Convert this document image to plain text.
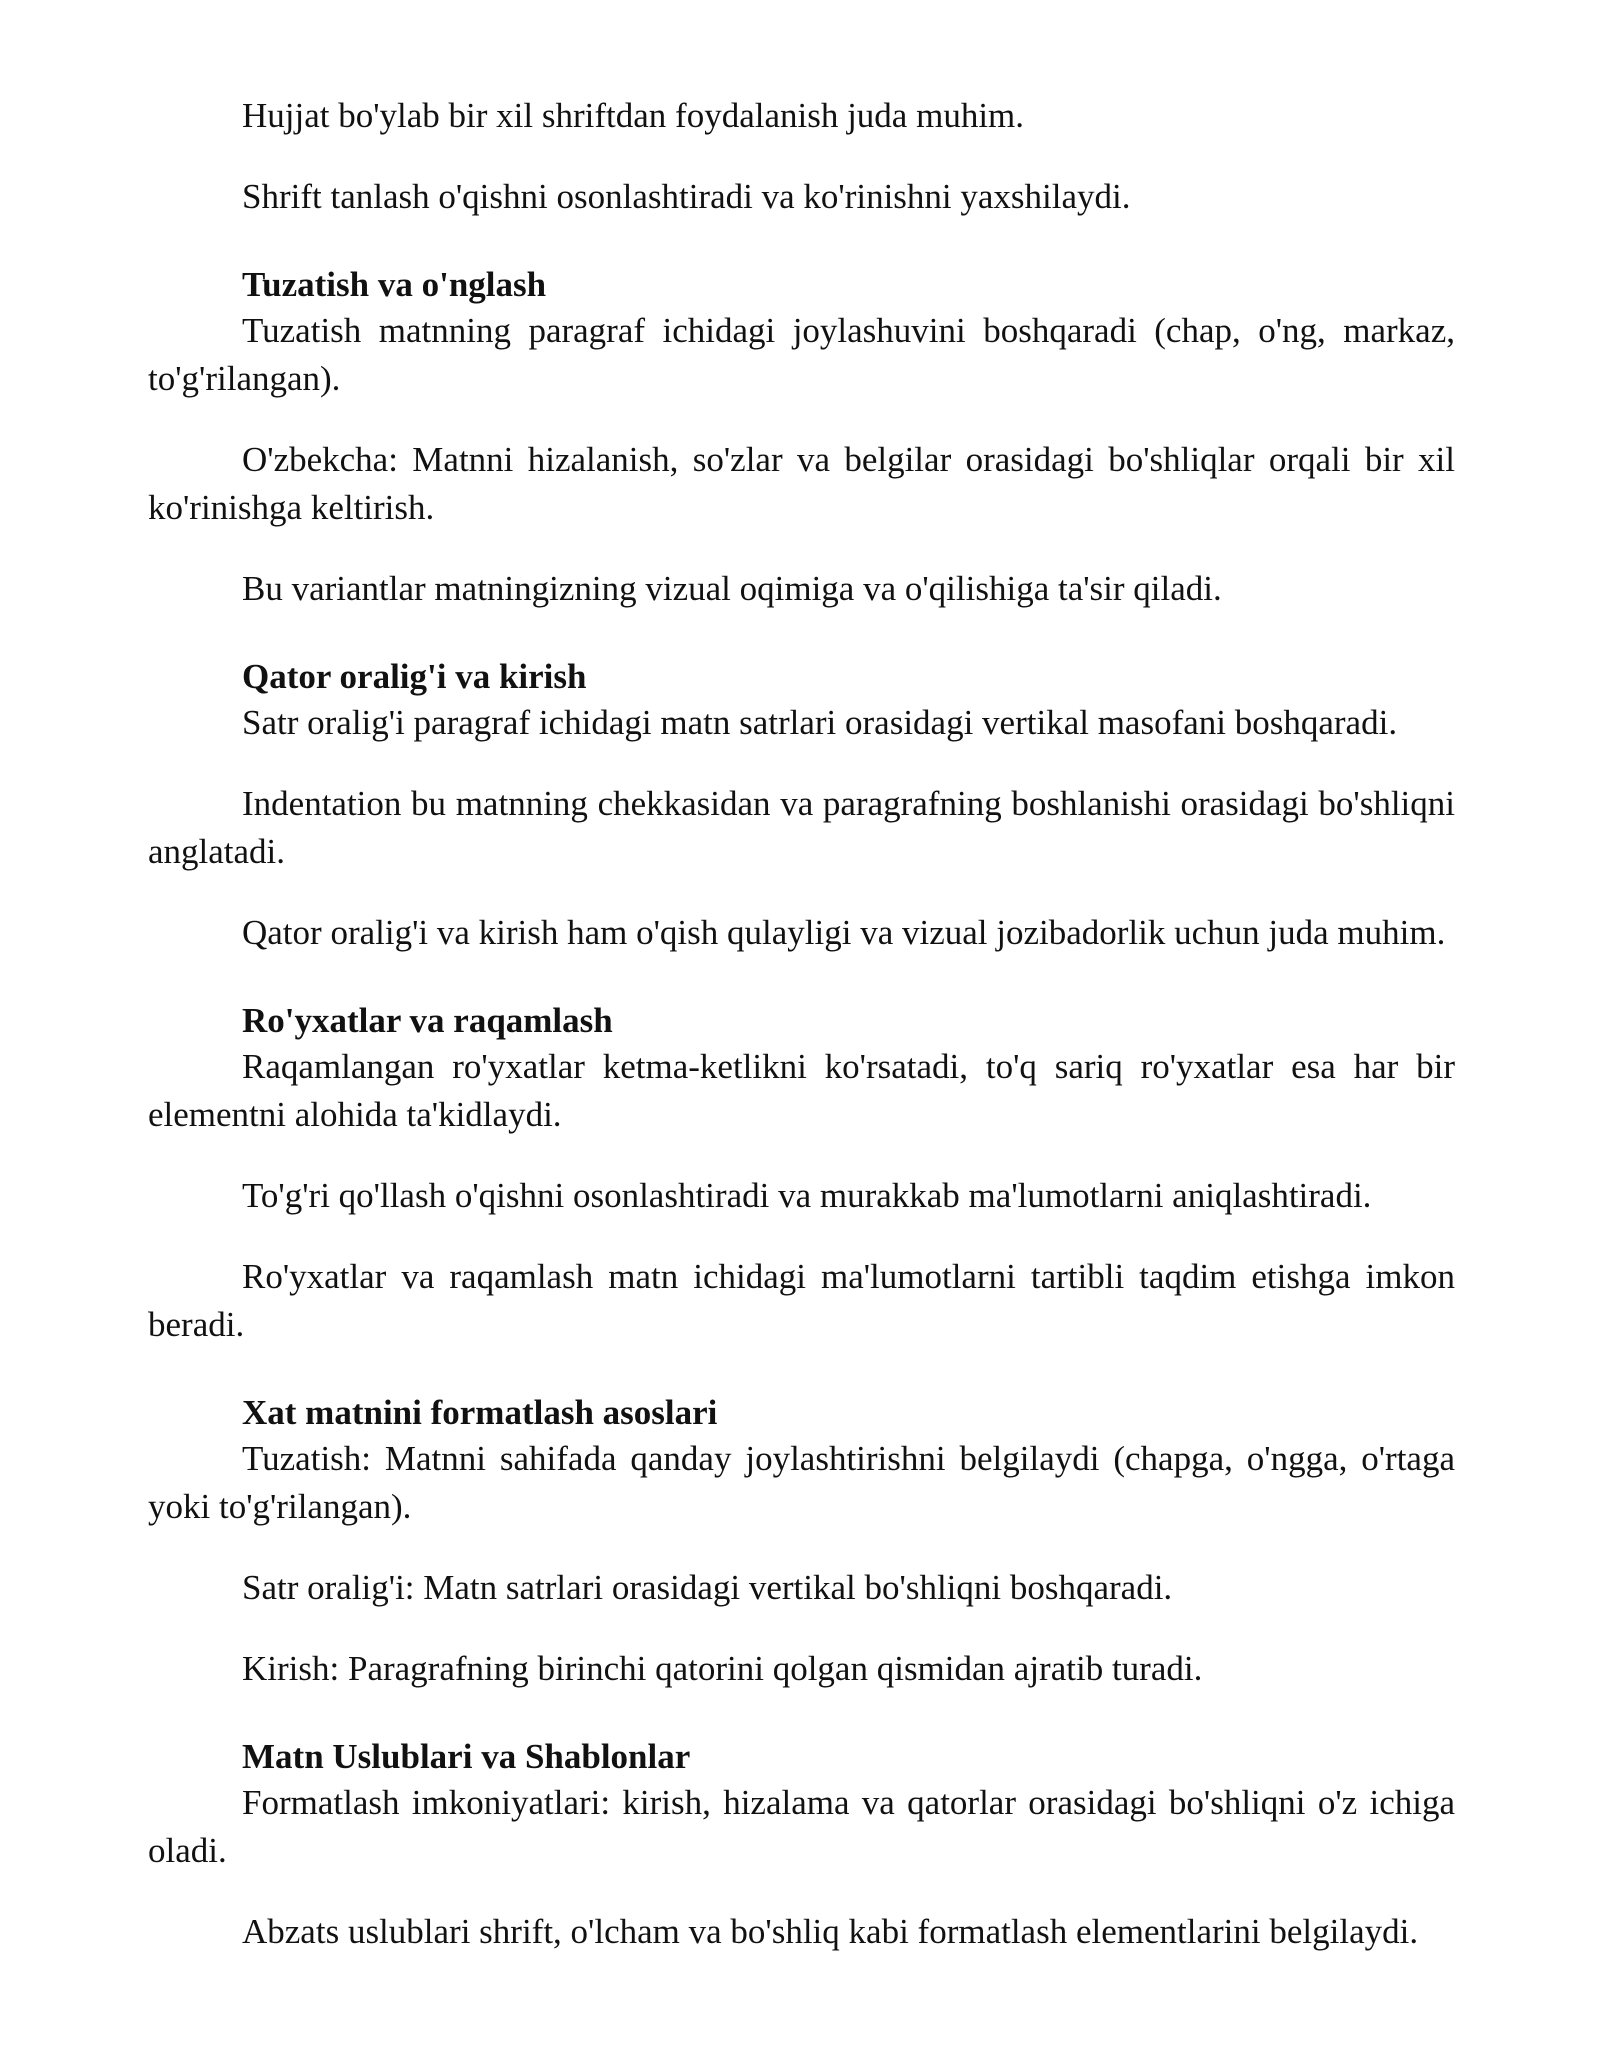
Hujjat bo'ylab bir xil shriftdan foydalanish juda muhim.

Shrift tanlash o'qishni osonlashtiradi va ko'rinishni yaxshilaydi.

Tuzatish va o'nglash

Tuzatish matnning paragraf ichidagi joylashuvini boshqaradi (chap, o'ng, markaz, to'g'rilangan).

O'zbekcha: Matnni hizalanish, so'zlar va belgilar orasidagi bo'shliqlar orqali bir xil ko'rinishga keltirish.

Bu variantlar matningizning vizual oqimiga va o'qilishiga ta'sir qiladi.

Qator oralig'i va kirish

Satr oralig'i paragraf ichidagi matn satrlari orasidagi vertikal masofani boshqaradi.

Indentation bu matnning chekkasidan va paragrafning boshlanishi orasidagi bo'shliqni anglatadi.

Qator oralig'i va kirish ham o'qish qulayligi va vizual jozibadorlik uchun juda muhim.

Ro'yxatlar va raqamlash

Raqamlangan ro'yxatlar ketma-ketlikni ko'rsatadi, to'q sariq ro'yxatlar esa har bir elementni alohida ta'kidlaydi.

To'g'ri qo'llash o'qishni osonlashtiradi va murakkab ma'lumotlarni aniqlashtiradi.

Ro'yxatlar va raqamlash matn ichidagi ma'lumotlarni tartibli taqdim etishga imkon beradi.

Xat matnini formatlash asoslari

Tuzatish: Matnni sahifada qanday joylashtirishni belgilaydi (chapga, o'ngga, o'rtaga yoki to'g'rilangan).

Satr oralig'i: Matn satrlari orasidagi vertikal bo'shliqni boshqaradi.

Kirish: Paragrafning birinchi qatorini qolgan qismidan ajratib turadi.

Matn Uslublari va Shablonlar

Formatlash imkoniyatlari: kirish, hizalama va qatorlar orasidagi bo'shliqni o'z ichiga oladi.

Abzats uslublari shrift, o'lcham va bo'shliq kabi formatlash elementlarini belgilaydi.
